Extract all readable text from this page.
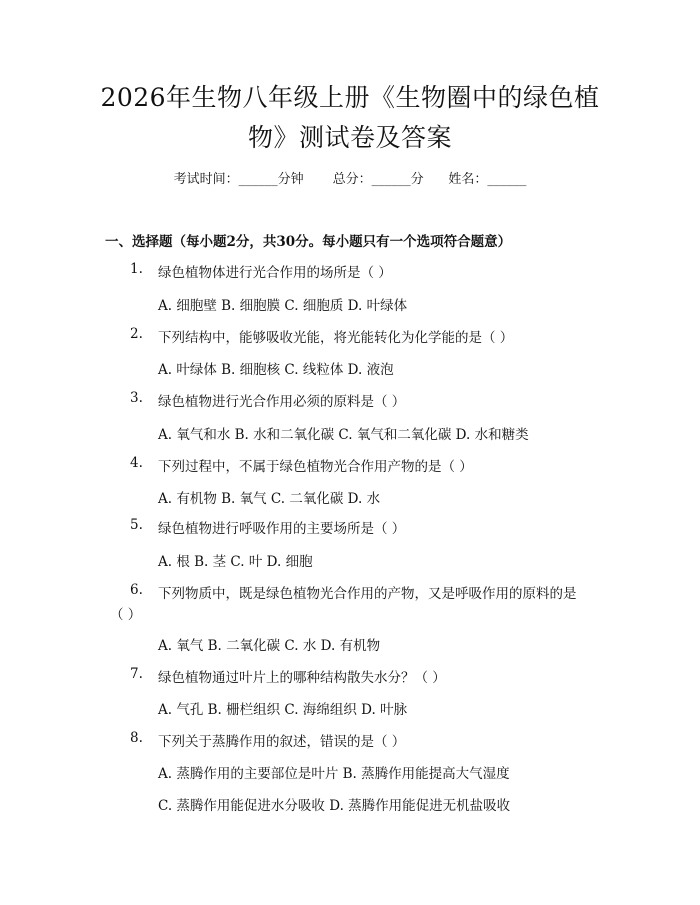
2026年生物八年级上册《生物圈中的绿色植物》测试卷及答案
考试时间：______分钟 总分：______分 姓名：______
一、选择题（每小题2分，共30分。每小题只有一个选项符合题意）
1. 绿色植物体进行光合作用的场所是（ ）
A. 细胞壁 B. 细胞膜 C. 细胞质 D. 叶绿体
2. 下列结构中，能够吸收光能，将光能转化为化学能的是（ ）
A. 叶绿体 B. 细胞核 C. 线粒体 D. 液泡
3. 绿色植物进行光合作用必须的原料是（ ）
A. 氧气和水 B. 水和二氧化碳 C. 氧气和二氧化碳 D. 水和糖类
4. 下列过程中，不属于绿色植物光合作用产物的是（ ）
A. 有机物 B. 氧气 C. 二氧化碳 D. 水
5. 绿色植物进行呼吸作用的主要场所是（ ）
A. 根 B. 茎 C. 叶 D. 细胞
6. 下列物质中，既是绿色植物光合作用的产物，又是呼吸作用的原料的是
（ ）
A. 氧气 B. 二氧化碳 C. 水 D. 有机物
7. 绿色植物通过叶片上的哪种结构散失水分？（ ）
A. 气孔 B. 栅栏组织 C. 海绵组织 D. 叶脉
8. 下列关于蒸腾作用的叙述，错误的是（ ）
A. 蒸腾作用的主要部位是叶片 B. 蒸腾作用能提高大气湿度
C. 蒸腾作用能促进水分吸收 D. 蒸腾作用能促进无机盐吸收
